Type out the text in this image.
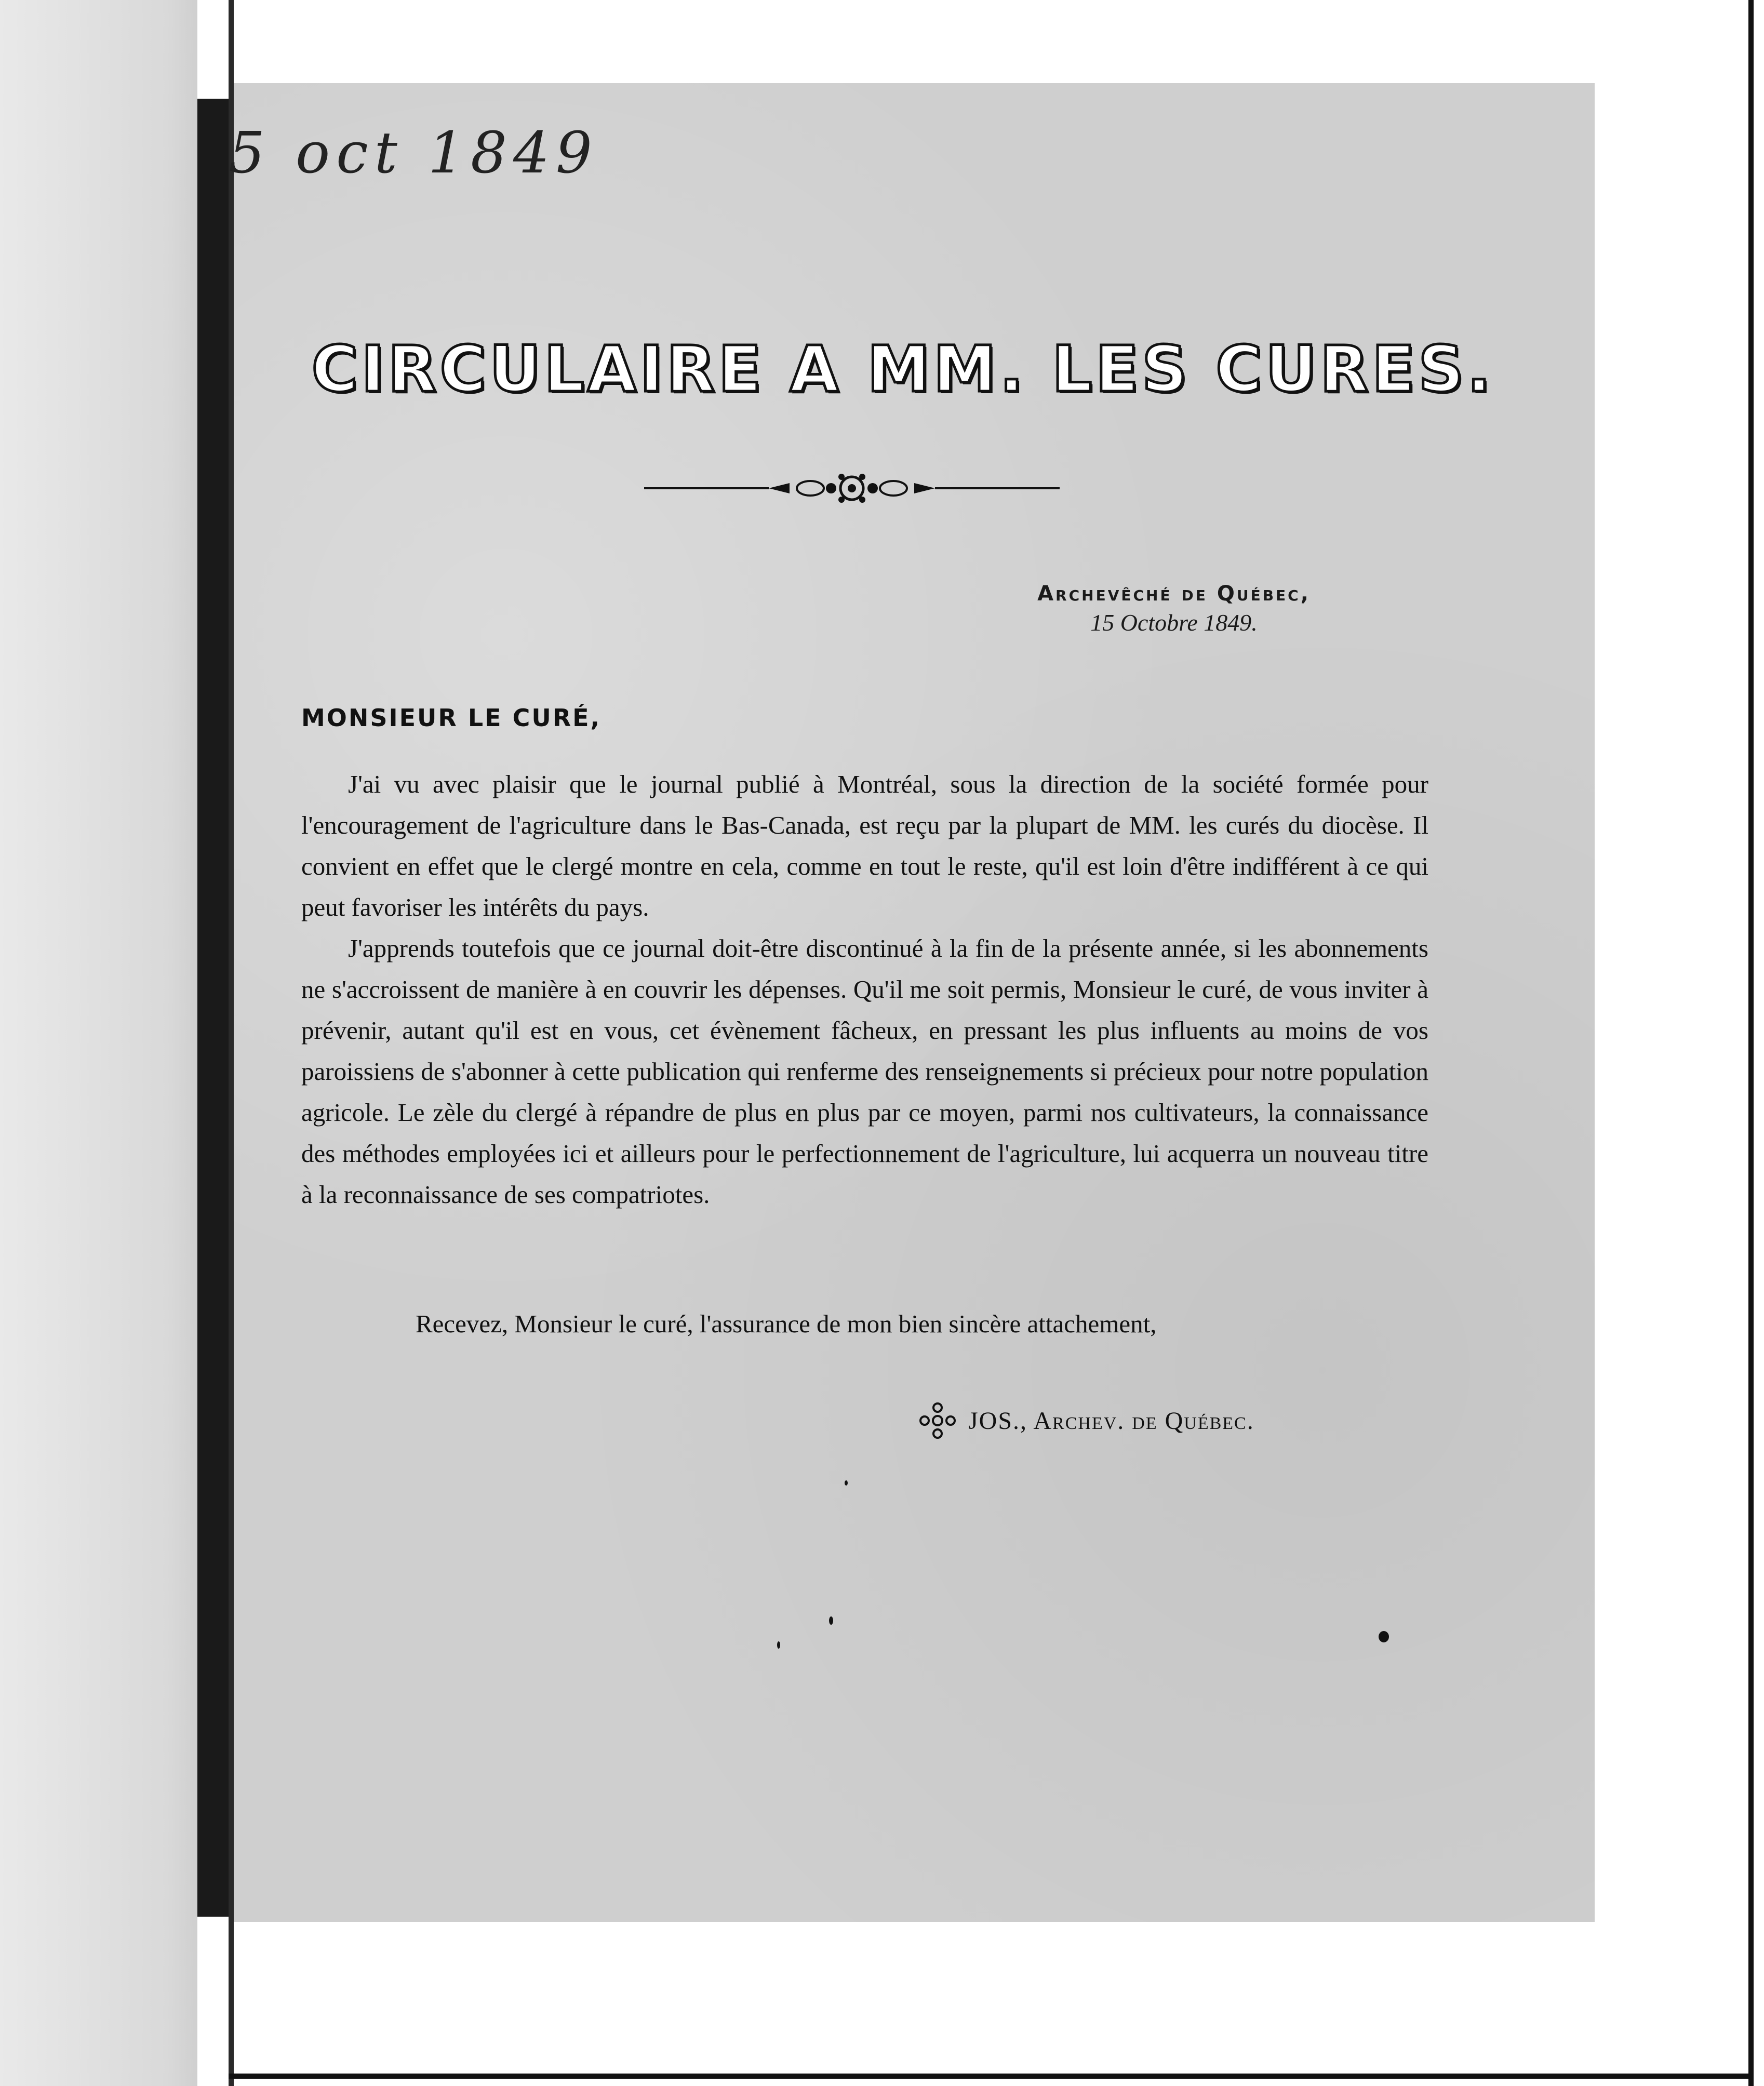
5 oct 1849
CIRCULAIRE A MM. LES CURES.
Archevêché de Québec,
15 Octobre 1849.
MONSIEUR LE CURÉ,

J'ai vu avec plaisir que le journal publié à Montréal, sous la direction de la société formée pour l'encouragement de l'agriculture dans le Bas-Canada, est reçu par la plupart de MM. les curés du diocèse. Il convient en effet que le clergé montre en cela, comme en tout le reste, qu'il est loin d'être indifférent à ce qui peut favoriser les intérêts du pays.

J'apprends toutefois que ce journal doit-être discontinué à la fin de la présente année, si les abonnements ne s'accroissent de manière à en couvrir les dépenses. Qu'il me soit permis, Monsieur le curé, de vous inviter à prévenir, autant qu'il est en vous, cet évènement fâcheux, en pressant les plus influents au moins de vos paroissiens de s'abonner à cette publication qui renferme des renseignements si précieux pour notre population agricole. Le zèle du clergé à répandre de plus en plus par ce moyen, parmi nos cultivateurs, la connaissance des méthodes employées ici et ailleurs pour le perfectionnement de l'agriculture, lui acquerra un nouveau titre à la reconnaissance de ses compatriotes.

Recevez, Monsieur le curé, l'assurance de mon bien sincère attachement,
JOS., Archev. de Québec.
